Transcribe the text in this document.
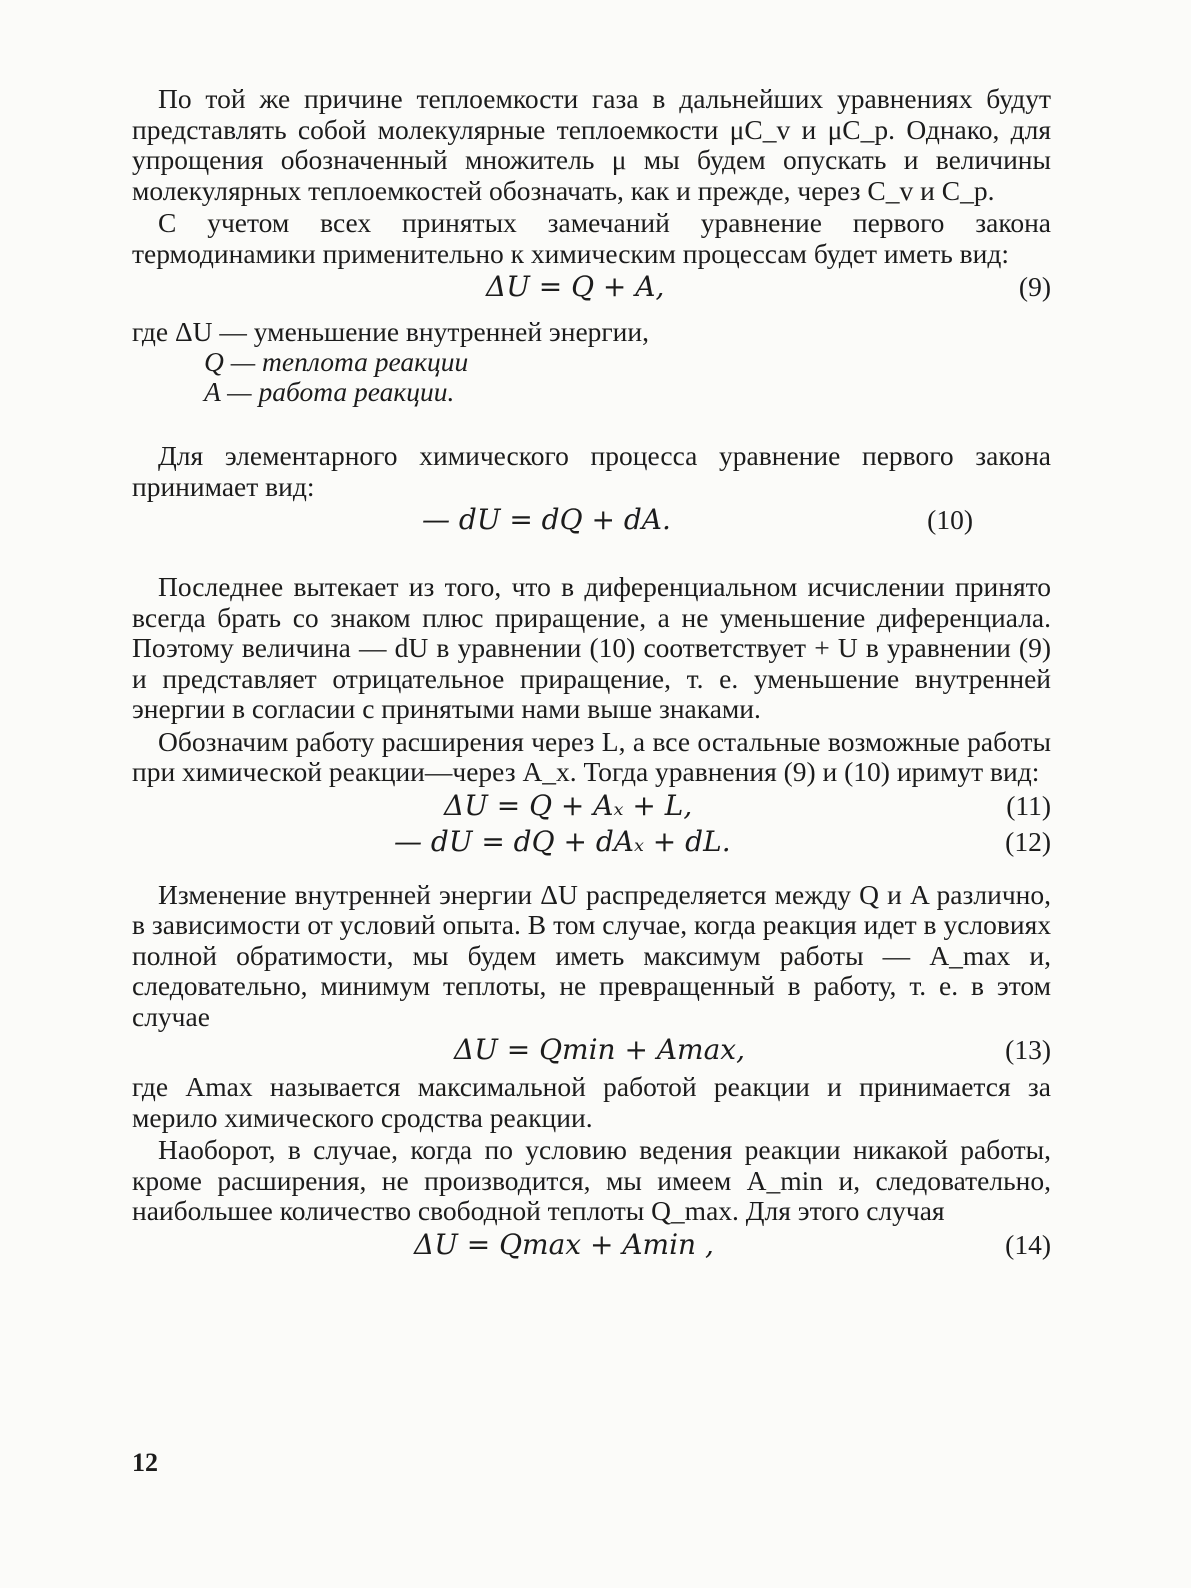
По той же причине теплоемкости газа в дальнейших уравнениях будут представлять собой молекулярные теплоемкости μC_v и μC_p. Однако, для упрощения обозначенный множитель μ мы будем опускать и величины молекулярных теплоемкостей обозначать, как и прежде, через C_v и C_p.

С учетом всех принятых замечаний уравнение первого закона термодинамики применительно к химическим процессам будет иметь вид:

ΔU = Q + A,	(9)
где ΔU — уменьшение внутренней энергии,
Q — теплота реакции
A — работа реакции.

Для элементарного химического процесса уравнение первого закона принимает вид:

— dU = dQ + dA.	(10)

Последнее вытекает из того, что в диференциальном исчислении принято всегда брать со знаком плюс приращение, а не уменьшение диференциала. Поэтому величина — dU в уравнении (10) соответствует + U в уравнении (9) и представляет отрицательное приращение, т. е. уменьшение внутренней энергии в согласии с принятыми нами выше знаками.

Обозначим работу расширения через L, а все остальные возможные работы при химической реакции—через A_x. Тогда уравнения (9) и (10) иримут вид:

ΔU = Q + Aₓ + L,	(11)
— dU = dQ + dAₓ + dL.	(12)

Изменение внутренней энергии ΔU распределяется между Q и A различно, в зависимости от условий опыта. В том случае, когда реакция идет в условиях полной обратимости, мы будем иметь максимум работы — A_max и, следовательно, минимум теплоты, не превращенный в работу, т. е. в этом случае

ΔU = Qmin + Amax,	(13)

где Amax называется максимальной работой реакции и принимается за мерило химического сродства реакции.

Наоборот, в случае, когда по условию ведения реакции никакой работы, кроме расширения, не производится, мы имеем A_min и, следовательно, наибольшее количество свободной теплоты Q_max. Для этого случая

ΔU = Qmax + Amin ,	(14)
12
